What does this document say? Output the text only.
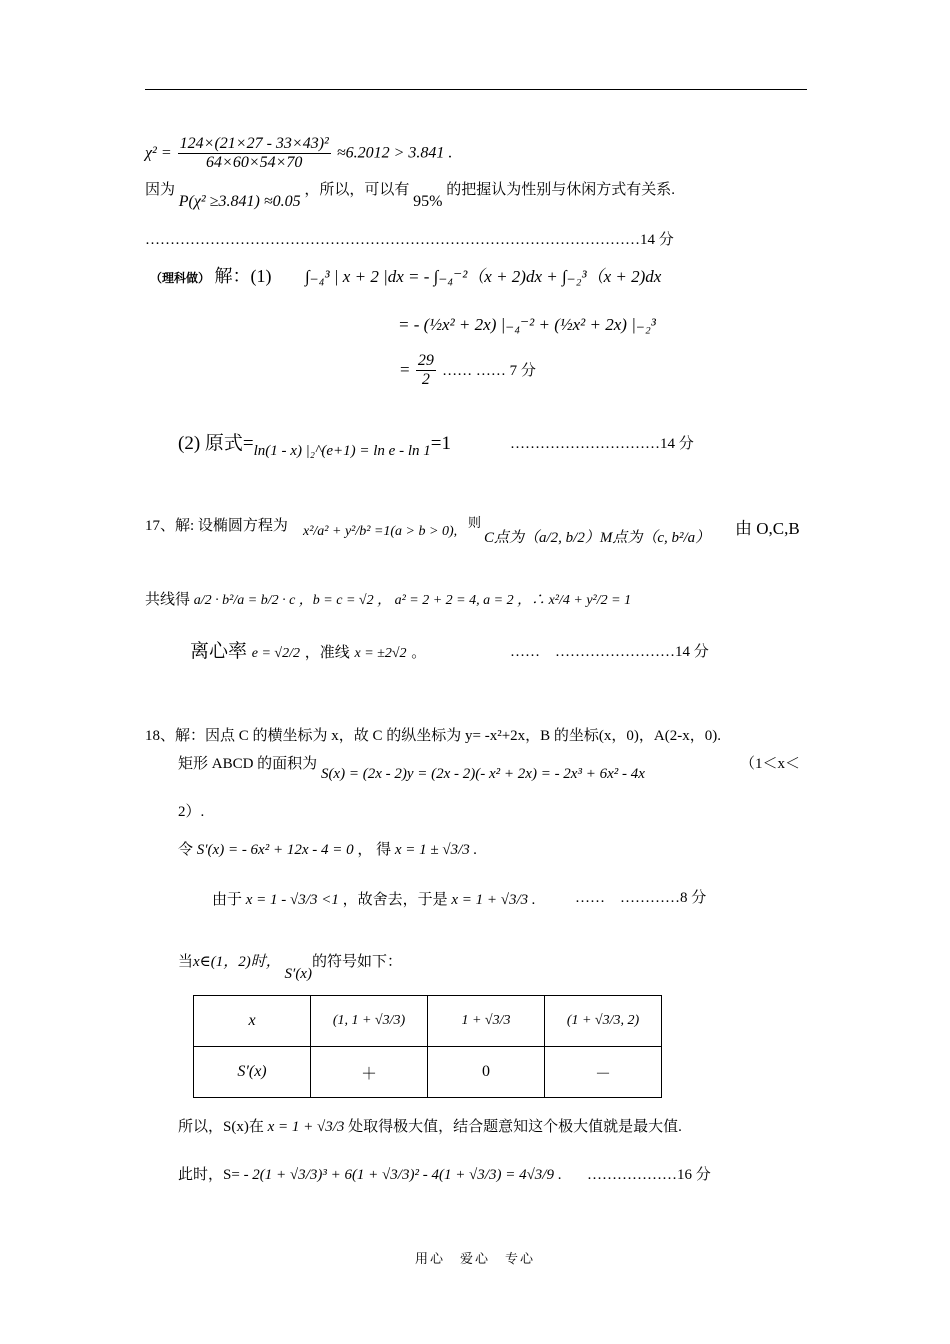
$\chi^2 = \frac{\text{124×(21×27 - 33×43)²}}{64\times 60\times 54\times 70} \approx 6.2012 > 3.841$ .
因为 P(χ² ≥3.841) ≈0.05 ，所以，可以有 95% 的把握认为性别与休闲方式有关系.
………………………………………………………………………………………14 分
（理科做） 解：(1) ∫₋₄³ | x + 2 |dx = - ∫₋₄⁻²（x + 2)dx + ∫₋₂³（x + 2)dx
= - (½x² + 2x) |₋₄⁻² + (½x² + 2x) |₋₂³
= $\frac{29}{2}$ …… …… 7 分
(2) 原式$=_{ln(1 - x) |_2\^{}(e+1) = ln e - ln 1}=1$	…………………………14 分
17、解: 设椭圆方程为 x²/a² + y²/b² =1(a > b > 0),
则
C点为（a/2, b/2）M点为（c, b²/a） 由 O,C,B
共线得 a/2 · b²/a = b/2 · c ，b = c = √2 ， a² = 2 + 2 = 4, a = 2 ，∴ x²/4 + y²/2 = 1
离心率 e = √2/2 ，准线 x = ±2√2 。	……　……………………14 分
18、解：因点 C 的横坐标为 x，故 C 的纵坐标为 y= -x²+2x，B 的坐标(x，0)，A(2-x，0).
矩形 ABCD 的面积为 S(x) = (2x - 2)y = (2x - 2)(- x² + 2x) = - 2x³ + 6x² - 4x
（1＜x＜
2）.
令 S′(x) = - 6x² + 12x - 4 = 0 ， 得 x = 1 ± √3/3 .
由于 x = 1 - √3/3 <1 ，故舍去，于是 x = 1 + √3/3 .	……　…………8 分
当x∈(1，2)时， S′(x)的符号如下：
x	(1, 1 + √3/3)	1 + √3/3	(1 + √3/3, 2)
S′(x)	＋	0	－
所以，S(x)在 x = 1 + √3/3 处取得极大值，结合题意知这个极大值就是最大值.
此时，S= - 2(1 + √3/3)³ + 6(1 + √3/3)² - 4(1 + √3/3) = 4√3/9 . ………………16 分
用心　爱心　专心
